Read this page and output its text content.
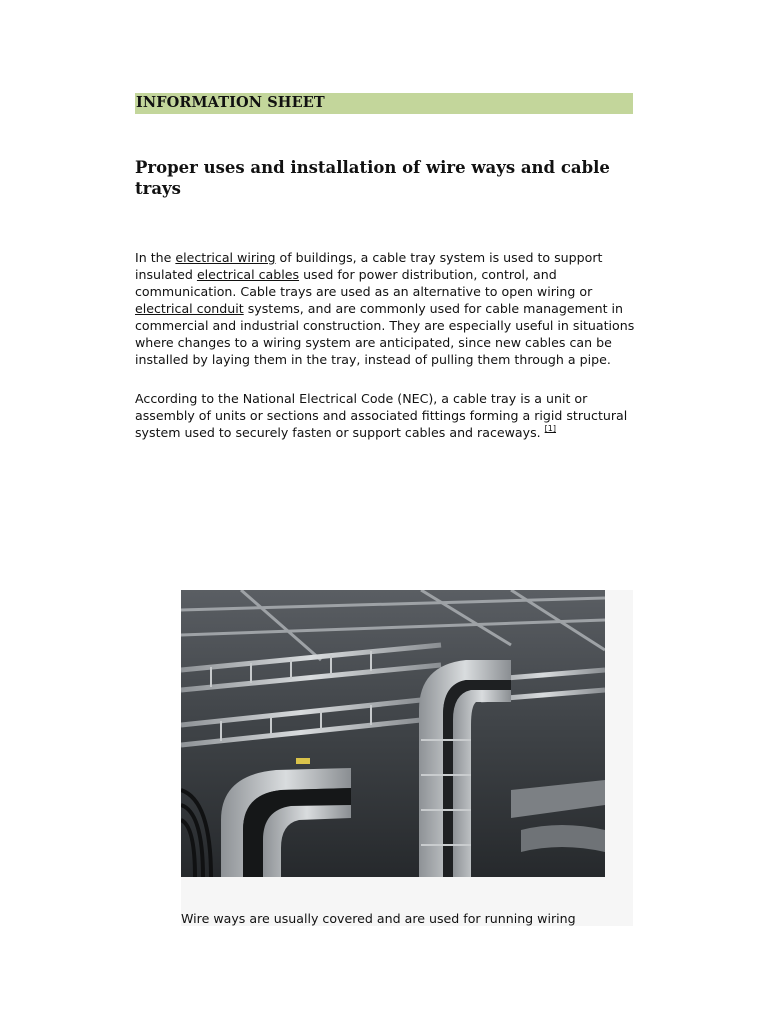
INFORMATION SHEET
Proper uses and installation of wire ways and cable trays

In the electrical wiring of buildings, a cable tray system is used to support insulated electrical cables used for power distribution, control, and communication. Cable trays are used as an alternative to open wiring or electrical conduit systems, and are commonly used for cable management in commercial and industrial construction. They are especially useful in situations where changes to a wiring system are anticipated, since new cables can be installed by laying them in the tray, instead of pulling them through a pipe.

According to the National Electrical Code (NEC), a cable tray is a unit or assembly of units or sections and associated fittings forming a rigid structural system used to securely fasten or support cables and raceways. [1]

Wire ways are usually covered and are used for running wiring
